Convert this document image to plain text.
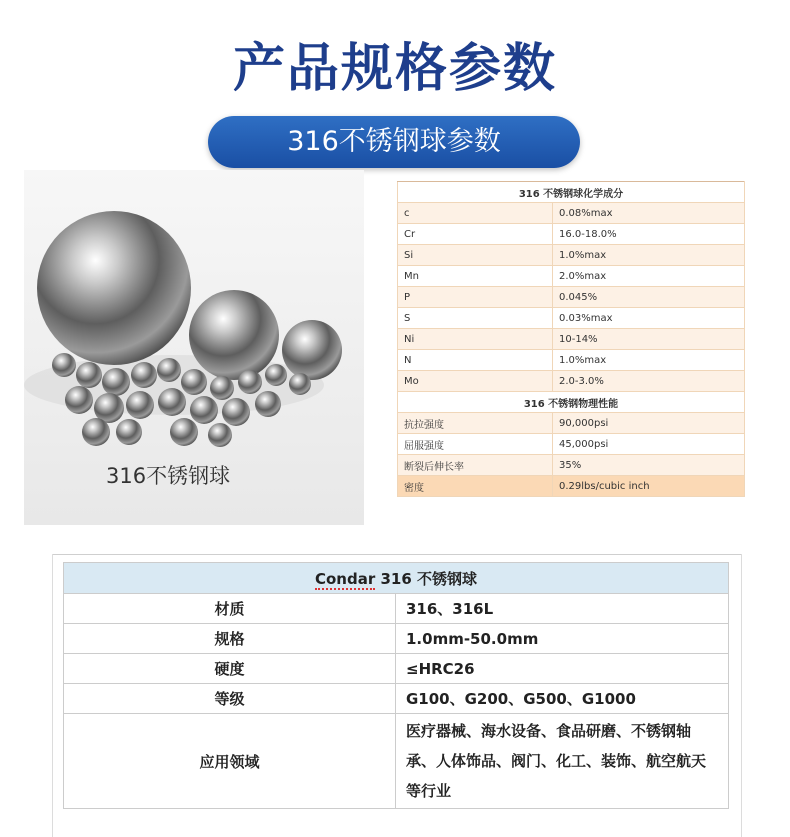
产品规格参数
316不锈钢球参数
316不锈钢球
316 不锈钢球化学成分	
c	0.08%max
Cr	16.0-18.0%
Si	1.0%max
Mn	2.0%max
P	0.045%
S	0.03%max
Ni	10-14%
N	1.0%max
Mo	2.0-3.0%
316 不锈钢物理性能	
抗拉强度	90,000psi
屈服强度	45,000psi
断裂后伸长率	35%
密度	0.29lbs/cubic inch
Condar 316 不锈钢球	
材质	316、316L
规格	1.0mm-50.0mm
硬度	≤HRC26
等级	G100、G200、G500、G1000
应用领域	医疗器械、海水设备、食品研磨、不锈钢轴承、人体饰品、阀门、化工、装饰、航空航天等行业
